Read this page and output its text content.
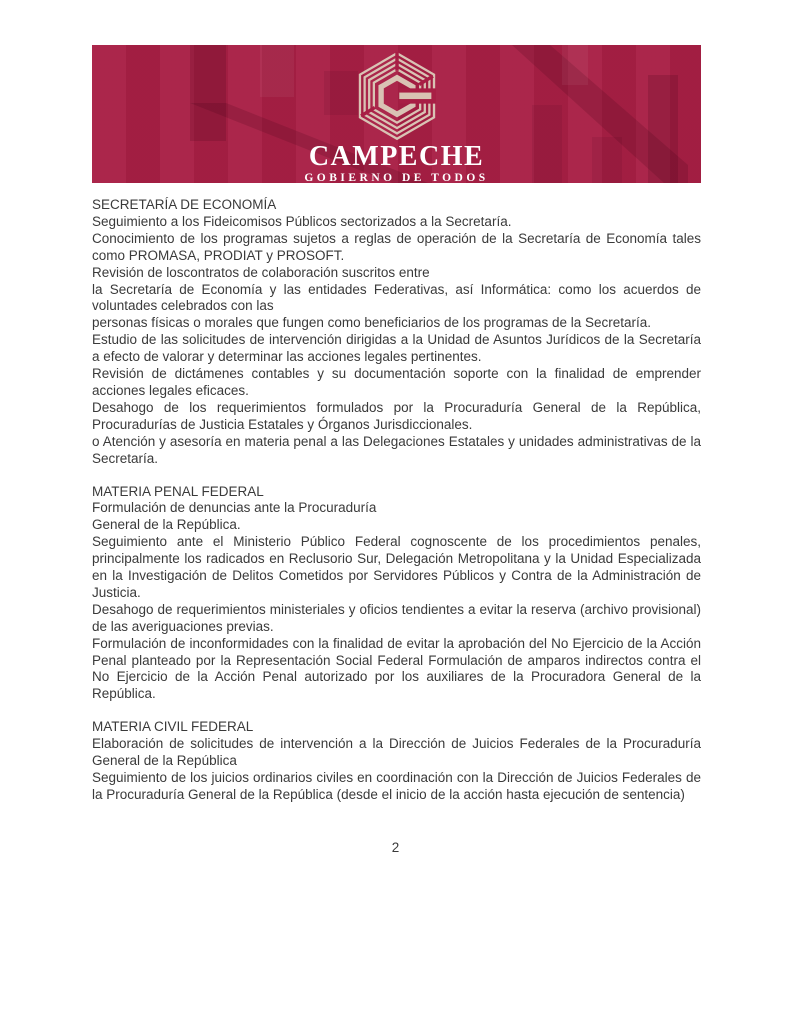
CAMPECHE
GOBIERNO DE TODOS
SECRETARÍA DE ECONOMÍA

Seguimiento a los Fideicomisos Públicos sectorizados a la Secretaría.

Conocimiento de los programas sujetos a reglas de operación de la Secretaría de Economía tales como PROMASA, PRODIAT y PROSOFT.

Revisión de loscontratos de colaboración suscritos entre

la Secretaría de Economía y las entidades Federativas, así Informática: como los acuerdos de voluntades celebrados con las

personas físicas o morales que fungen como beneficiarios de los programas de la Secretaría.

Estudio de las solicitudes de intervención dirigidas a la Unidad de Asuntos Jurídicos de la Secretaría a efecto de valorar y determinar las acciones legales pertinentes.

Revisión de dictámenes contables y su documentación soporte con la finalidad de emprender acciones legales eficaces.

Desahogo de los requerimientos formulados por la Procuraduría General de la República, Procuradurías de Justicia Estatales y Órganos Jurisdiccionales.

o Atención y asesoría en materia penal a las Delegaciones Estatales y unidades administrativas de la Secretaría.

MATERIA PENAL FEDERAL

Formulación de denuncias ante la Procuraduría

General de la República.

Seguimiento ante el Ministerio Público Federal cognoscente de los procedimientos penales, principalmente los radicados en Reclusorio Sur, Delegación Metropolitana y la Unidad Especializada en la Investigación de Delitos Cometidos por Servidores Públicos y Contra de la Administración de Justicia.

Desahogo de requerimientos ministeriales y oficios tendientes a evitar la reserva (archivo provisional) de las averiguaciones previas.

Formulación de inconformidades con la finalidad de evitar la aprobación del No Ejercicio de la Acción Penal planteado por la Representación Social Federal Formulación de amparos indirectos contra el No Ejercicio de la Acción Penal autorizado por los auxiliares de la Procuradora General de la República.

MATERIA CIVIL FEDERAL

Elaboración de solicitudes de intervención a la Dirección de Juicios Federales de la Procuraduría General de la República

Seguimiento de los juicios ordinarios civiles en coordinación con la Dirección de Juicios Federales de la Procuraduría General de la República (desde el inicio de la acción hasta ejecución de sentencia)

2
